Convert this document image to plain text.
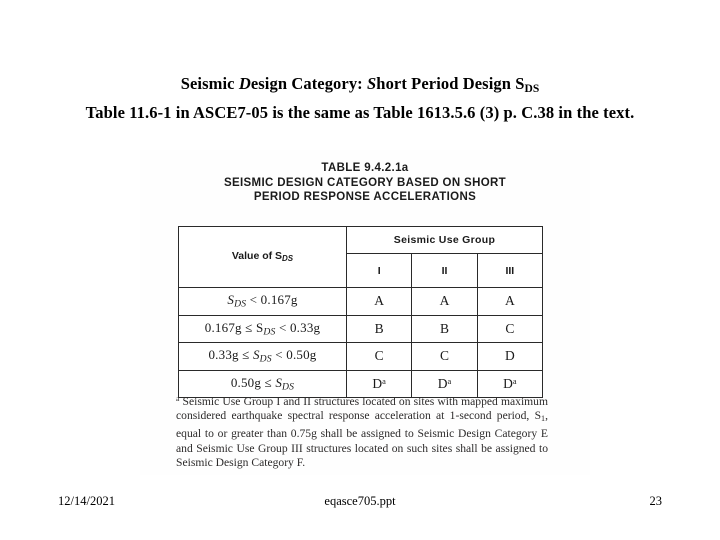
Seismic Design Category: Short Period Design $S_{DS}$
Table 11.6-1 in ASCE7-05 is the same as Table 1613.5.6 (3) p. C.38 in the text.

TABLE 9.4.2.1a
SEISMIC DESIGN CATEGORY BASED ON SHORT
PERIOD RESPONSE ACCELERATIONS
Value of $S_{DS}$	Seismic Use Group		
	I	II	III
SDS < 0.167g	A	A	A
0.167g ≤ SDS < 0.33g	B	B	C
0.33g ≤ SDS < 0.50g	C	C	D
0.50g ≤ SDS	$D^a$	$D^a$	$D^a$
$^a$ Seismic Use Group I and II structures located on sites with mapped maximum considered earthquake spectral response acceleration at 1-second period, $S_1$, equal to or greater than 0.75g shall be assigned to Seismic Design Category E and Seismic Use Group III structures located on such sites shall be assigned to Seismic Design Category F.
12/14/2021	eqasce705.ppt	23
